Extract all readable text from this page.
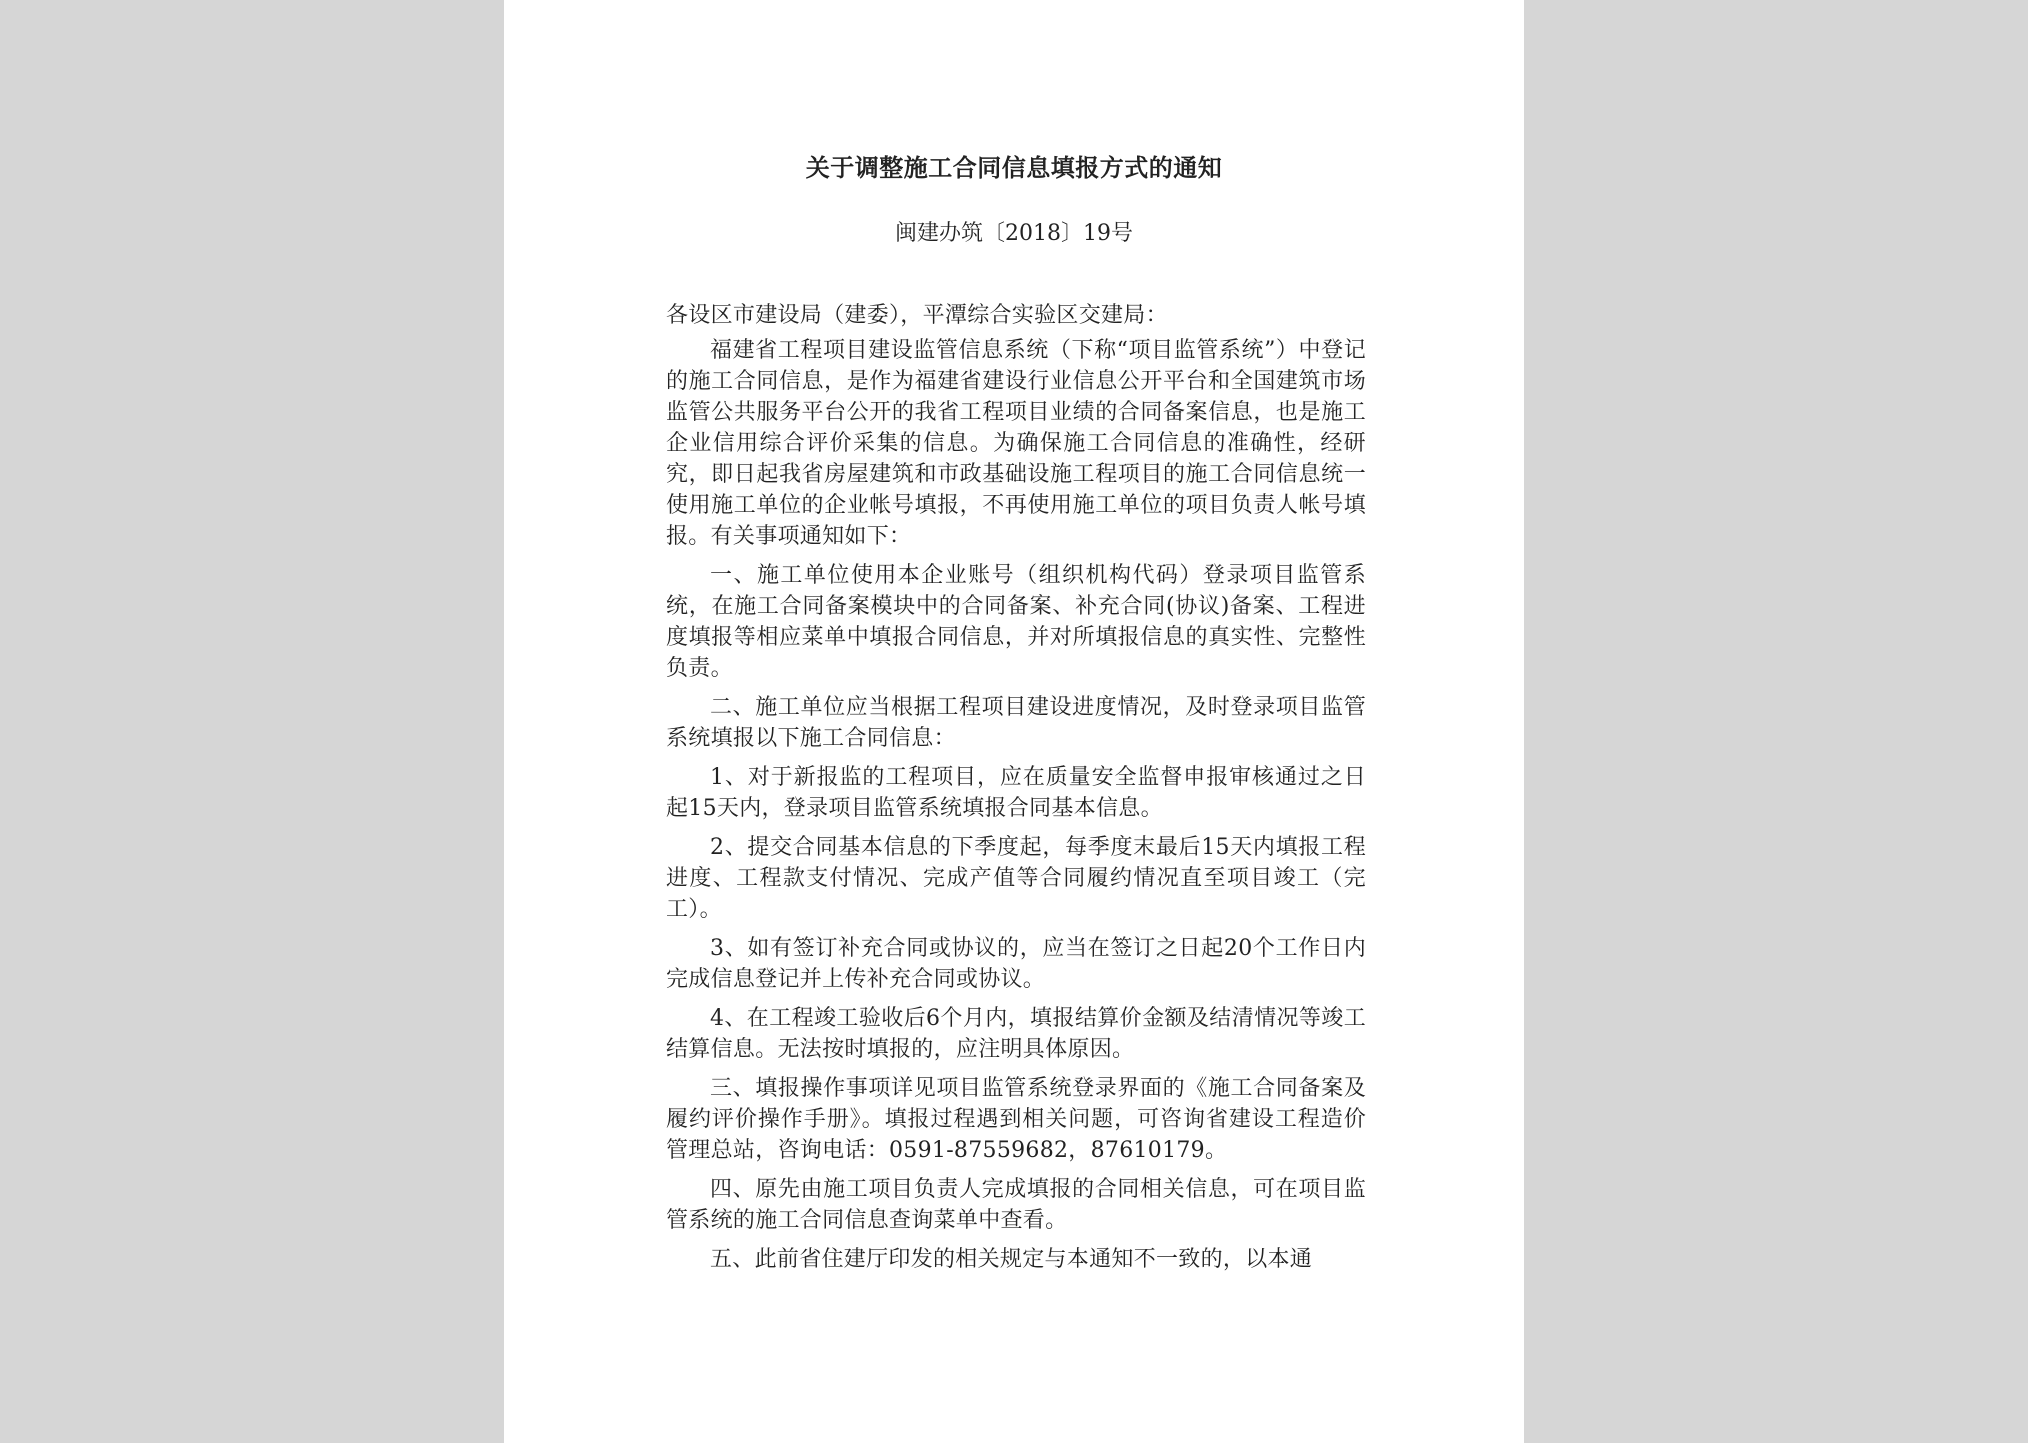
关于调整施工合同信息填报方式的通知
闽建办筑〔2018〕19号

各设区市建设局（建委），平潭综合实验区交建局：

福建省工程项目建设监管信息系统（下称“项目监管系统”）中登记的施工合同信息，是作为福建省建设行业信息公开平台和全国建筑市场监管公共服务平台公开的我省工程项目业绩的合同备案信息，也是施工企业信用综合评价采集的信息。为确保施工合同信息的准确性，经研究，即日起我省房屋建筑和市政基础设施工程项目的施工合同信息统一使用施工单位的企业帐号填报，不再使用施工单位的项目负责人帐号填报。有关事项通知如下：

一、施工单位使用本企业账号（组织机构代码）登录项目监管系统，在施工合同备案模块中的合同备案、补充合同(协议)备案、工程进度填报等相应菜单中填报合同信息，并对所填报信息的真实性、完整性负责。

二、施工单位应当根据工程项目建设进度情况，及时登录项目监管系统填报以下施工合同信息：

1、对于新报监的工程项目，应在质量安全监督申报审核通过之日起15天内，登录项目监管系统填报合同基本信息。

2、提交合同基本信息的下季度起，每季度末最后15天内填报工程进度、工程款支付情况、完成产值等合同履约情况直至项目竣工（完工）。

3、如有签订补充合同或协议的，应当在签订之日起20个工作日内完成信息登记并上传补充合同或协议。

4、在工程竣工验收后6个月内，填报结算价金额及结清情况等竣工结算信息。无法按时填报的，应注明具体原因。

三、填报操作事项详见项目监管系统登录界面的《施工合同备案及履约评价操作手册》。填报过程遇到相关问题，可咨询省建设工程造价管理总站，咨询电话：0591-87559682，87610179。

四、原先由施工项目负责人完成填报的合同相关信息，可在项目监管系统的施工合同信息查询菜单中查看。

五、此前省住建厅印发的相关规定与本通知不一致的，以本通
